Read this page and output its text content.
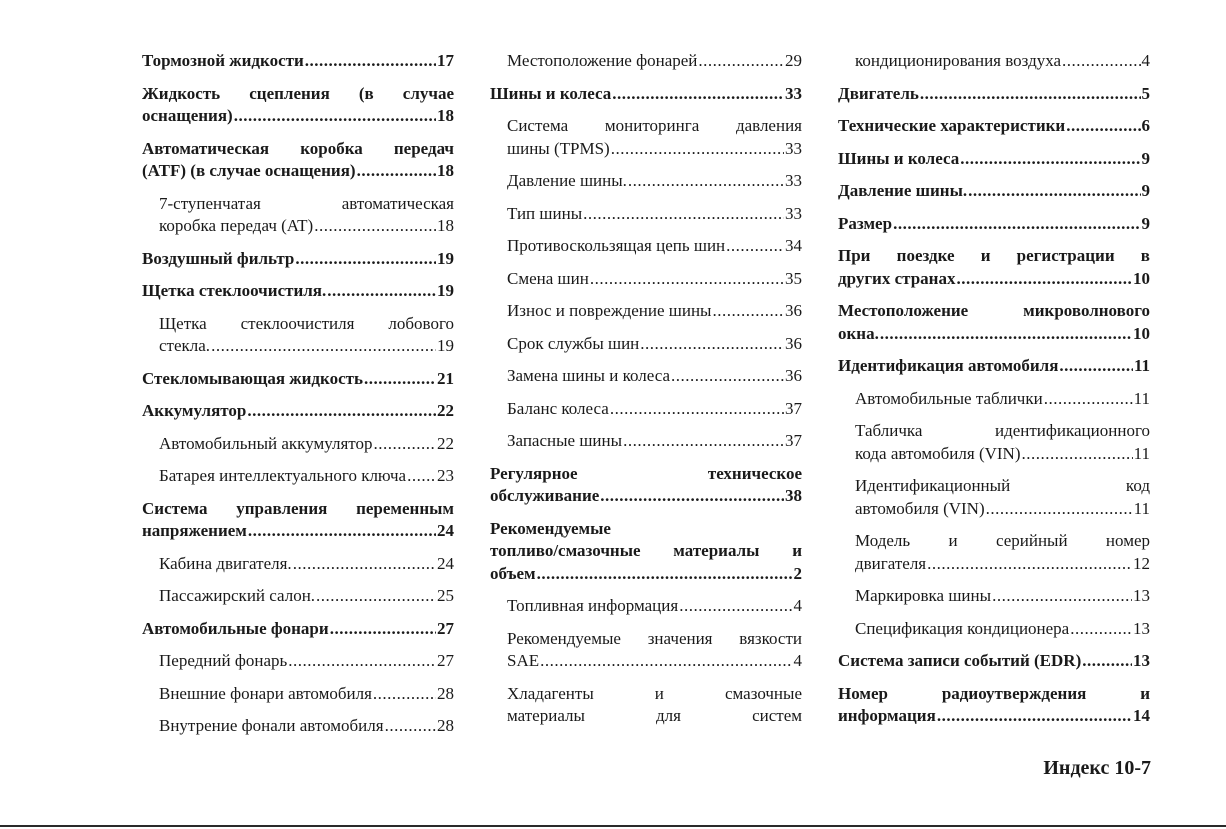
Тормозной жидкости .....	17

Жидкость сцепления (в случае

оснащения) .....	18

Автоматическая коробка передач

(ATF) (в случае оснащения) .....	18

7-ступенчатая автоматическая

коробка передач (AT) .....	18

Воздушный фильтр .....	19

Щетка стеклоочистиля. .....	19

Щетка стеклоочистиля лобового

стекла. .....	19

Стекломывающая жидкость .....	21

Аккумулятор .....	22

Автомобильный аккумулятор .....	22

Батарея интеллектуального ключа ..... 23

Система управления переменным

напряжением .....	24

Кабина двигателя. .....	24

Пассажирский салон. .....	25

Автомобильные фонари .....	27

Передний фонарь .....	27

Внешние фонари автомобиля .....	28

Внутрение фонали автомобиля .....	28

Местоположение фонарей .....	29

Шины и колеса .....	33

Система мониторинга давления

шины (TPMS) .....	33

Давление шины. .....	33

Тип шины .....	33

Противоскользящая цепь шин .....	34

Смена шин .....	35

Износ и повреждение шины .....	36

Срок службы шин .....	36

Замена шины и колеса .....	36

Баланс колеса .....	37

Запасные шины .....	37

Регулярное техническое

обслуживание .....	38

Рекомендуемые

топливо/смазочные материалы и

объем .....	2

Топливная информация .....	4

Рекомендуемые значения вязкости

SAE .....	4

Хладагенты и смазочные

материалы для систем

кондиционирования воздуха .....	4

Двигатель .....	5

Технические характеристики .....	6

Шины и колеса .....	9

Давление шины. .....	9

Размер .....	9

При поездке и регистрации в

других странах .....	10

Местоположение микроволнового

окна. .....	10

Идентификация автомобиля .....	11

Автомобильные таблички .....	11

Табличка идентификационного

кода автомобиля (VIN) .....	11

Идентификационный код

автомобиля (VIN) .....	11

Модель и серийный номер

двигателя .....	12

Маркировка шины .....	13

Спецификация кондиционера .....	13

Система записи событий (EDR) .....	13

Номер радиоутверждения и

информация .....	14

Индекс 10-7
